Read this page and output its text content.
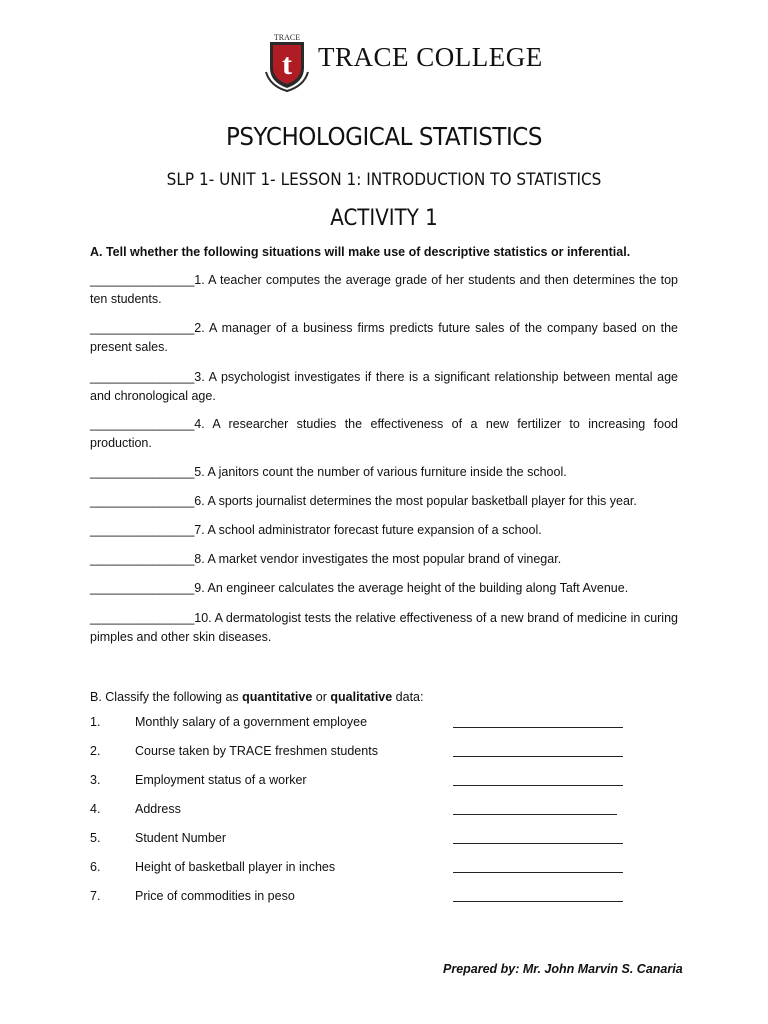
TRACE
t TRACE COLLEGE
PSYCHOLOGICAL STATISTICS
SLP 1- UNIT 1- LESSON 1: INTRODUCTION TO STATISTICS
ACTIVITY 1
A. Tell whether the following situations will make use of descriptive statistics or inferential.
_______________1. A teacher computes the average grade of her students and then determines the top ten students.
_______________2. A manager of a business firms predicts future sales of the company based on the present sales.
_______________3. A psychologist investigates if there is a significant relationship between mental age and chronological age.
_______________4. A researcher studies the effectiveness of a new fertilizer to increasing food production.
_______________5. A janitors count the number of various furniture inside the school.
_______________6. A sports journalist determines the most popular basketball player for this year.
_______________7. A school administrator forecast future expansion of a school.
_______________8. A market vendor investigates the most popular brand of vinegar.
_______________9. An engineer calculates the average height of the building along Taft Avenue.
_______________10. A dermatologist tests the relative effectiveness of a new brand of medicine in curing pimples and other skin diseases.
B. Classify the following as quantitative or qualitative data:
1.	Monthly salary of a government employee
2.	Course taken by TRACE freshmen students
3.	Employment status of a worker
4.	Address
5.	Student Number
6.	Height of basketball player in inches
7.	Price of commodities in peso
Prepared by: Mr. John Marvin S. Canaria
